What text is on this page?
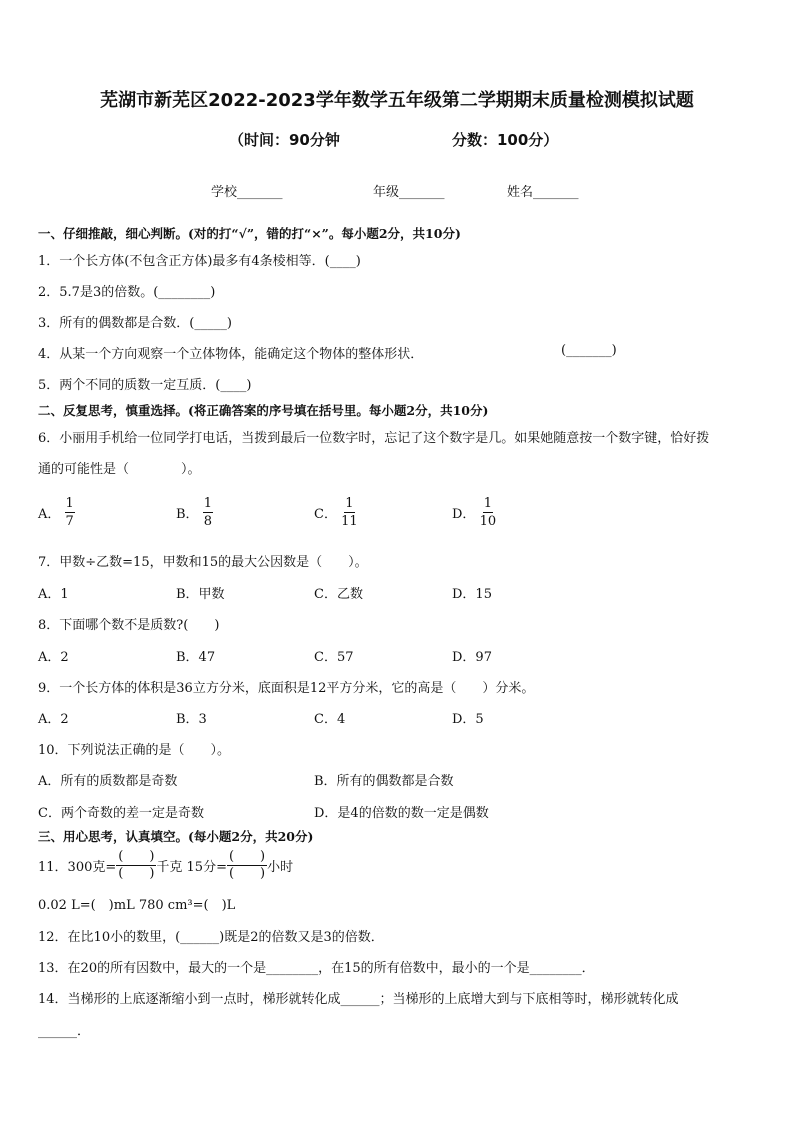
芜湖市新芜区2022-2023学年数学五年级第二学期期末质量检测模拟试题
（时间：90分钟	分数：100分）
学校_______	年级_______	姓名_______
一、仔细推敲，细心判断。(对的打“√”，错的打“×”。每小题2分，共10分)
1．一个长方体(不包含正方体)最多有4条棱相等．(____)
2．5.7是3的倍数。(________)
3．所有的偶数都是合数．(_____)
4．从某一个方向观察一个立体物体，能确定这个物体的整体形状．	(_______)
5．两个不同的质数一定互质．(____)
二、反复思考，慎重选择。(将正确答案的序号填在括号里。每小题2分，共10分)
6．小丽用手机给一位同学打电话，当拨到最后一位数字时，忘记了这个数字是几。如果她随意按一个数字键，恰好拨
通的可能性是（　　　　）。
A． $\frac{1}{7}$	B． $\frac{1}{8}$	C． $\frac{1}{11}$	D． $\frac{1}{10}$
7．甲数÷乙数=15，甲数和15的最大公因数是（　　）。
A．1	B．甲数	C．乙数	D．15
8．下面哪个数不是质数?(　　)
A．2	B．47	C．57	D．97
9．一个长方体的体积是36立方分米，底面积是12平方分米，它的高是（　　）分米。
A．2	B．3	C．4	D．5
10．下列说法正确的是（　　）。
A．所有的质数都是奇数	B．所有的偶数都是合数
C．两个奇数的差一定是奇数	D．是4的倍数的数一定是偶数
三、用心思考，认真填空。(每小题2分，共20分)
11．300克=
(　　)
(　　) 千克 15分=
(　　)
(　　) 小时
0.02 L=(　)mL 780 cm³=(　)L
12．在比10小的数里，(______)既是2的倍数又是3的倍数．
13．在20的所有因数中，最大的一个是________，在15的所有倍数中，最小的一个是________．
14．当梯形的上底逐渐缩小到一点时，梯形就转化成______；当梯形的上底增大到与下底相等时，梯形就转化成
______．
